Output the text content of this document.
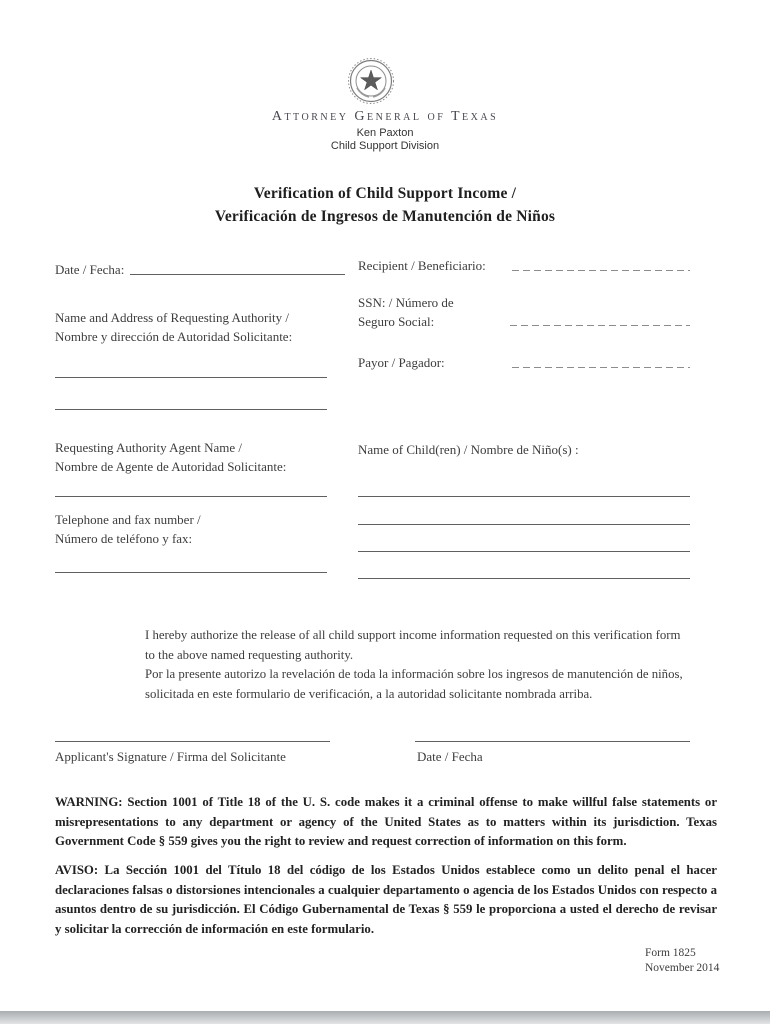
Attorney General of Texas
Ken Paxton
Child Support Division
Verification of Child Support Income /
Verificación de Ingresos de Manutención de Niños
Date / Fecha:	Recipient / Beneficiario:
SSN: / Número de
Seguro Social:
Name and Address of Requesting Authority /
Nombre y dirección de Autoridad Solicitante:
Payor / Pagador:
Requesting Authority Agent Name /
Nombre de Agente de Autoridad Solicitante:
Name of Child(ren) / Nombre de Niño(s) :
Telephone and fax number /
Número de teléfono y fax:
I hereby authorize the release of all child support income information requested on this verification form to the above named requesting authority.
Por la presente autorizo la revelación de toda la información sobre los ingresos de manutención de niños, solicitada en este formulario de verificación, a la autoridad solicitante nombrada arriba.
Applicant's Signature / Firma del Solicitante	Date / Fecha
WARNING: Section 1001 of Title 18 of the U. S. code makes it a criminal offense to make willful false statements or misrepresentations to any department or agency of the United States as to matters within its jurisdiction. Texas Government Code § 559 gives you the right to review and request correction of information on this form.
AVISO: La Sección 1001 del Título 18 del código de los Estados Unidos establece como un delito penal el hacer declaraciones falsas o distorsiones intencionales a cualquier departamento o agencia de los Estados Unidos con respecto a asuntos dentro de su jurisdicción. El Código Gubernamental de Texas § 559 le proporciona a usted el derecho de revisar y solicitar la corrección de información en este formulario.
Form 1825
November 2014
